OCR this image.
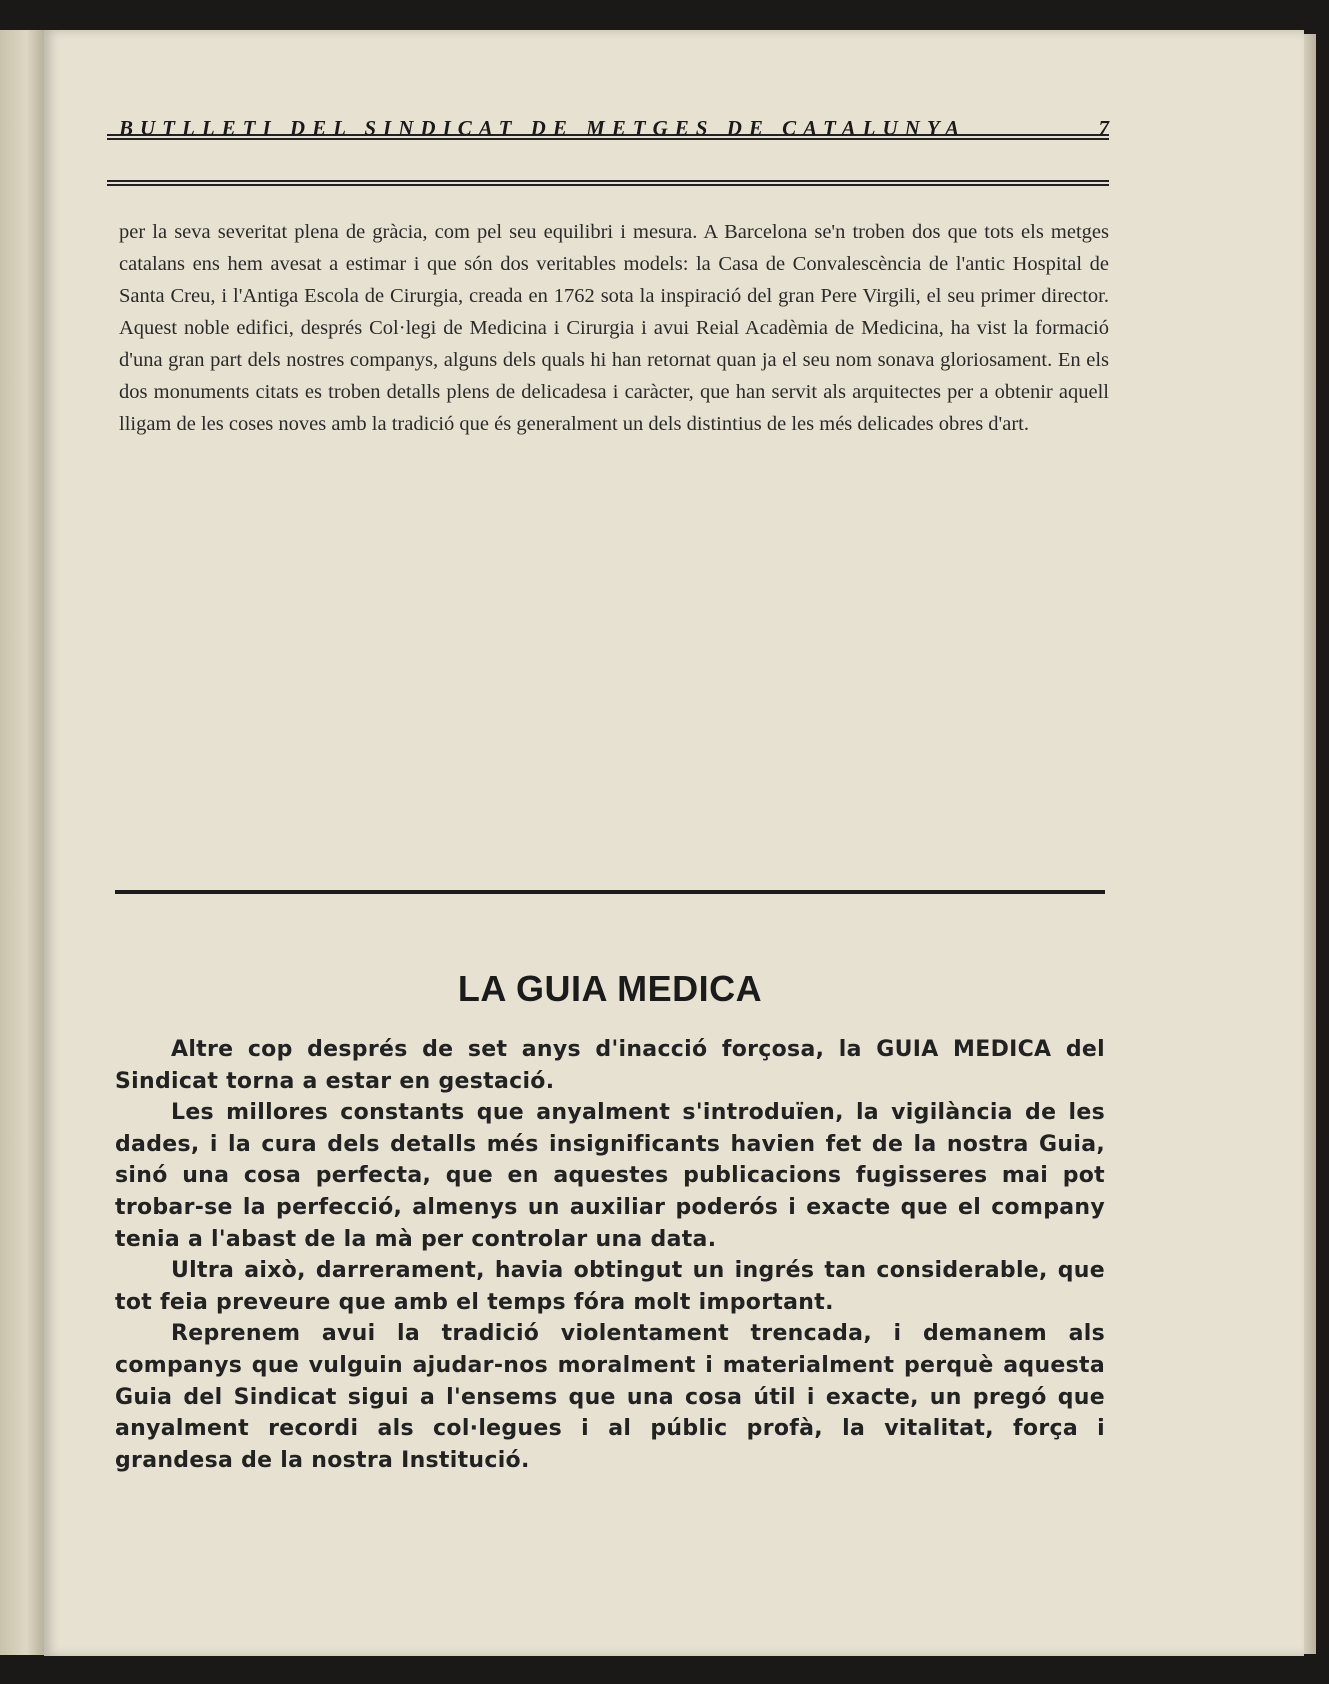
BUTLLETI DEL SINDICAT DE METGES DE CATALUNYA	7

per la seva severitat plena de gràcia, com pel seu equilibri i mesura. A Barcelona se'n troben dos que tots els metges catalans ens hem avesat a estimar i que són dos veritables models: la Casa de Convalescència de l'antic Hospital de Santa Creu, i l'Antiga Escola de Cirurgia, creada en 1762 sota la inspiració del gran Pere Virgili, el seu primer director. Aquest noble edifici, després Col·legi de Medicina i Cirurgia i avui Reial Acadèmia de Medicina, ha vist la formació d'una gran part dels nostres companys, alguns dels quals hi han retornat quan ja el seu nom sonava gloriosament. En els dos monuments citats es troben detalls plens de delicadesa i caràcter, que han servit als arquitectes per a obtenir aquell lligam de les coses noves amb la tradició que és generalment un dels distintius de les més delicades obres d'art.

LA GUIA MEDICA

Altre cop després de set anys d'inacció forçosa, la GUIA MEDICA del Sindicat torna a estar en gestació.

Les millores constants que anyalment s'introduïen, la vigilància de les dades, i la cura dels detalls més insignificants havien fet de la nostra Guia, sinó una cosa perfecta, que en aquestes publicacions fugisseres mai pot trobar-se la perfecció, almenys un auxiliar poderós i exacte que el company tenia a l'abast de la mà per controlar una data.

Ultra això, darrerament, havia obtingut un ingrés tan considerable, que tot feia preveure que amb el temps fóra molt important.

Reprenem avui la tradició violentament trencada, i demanem als companys que vulguin ajudar-nos moralment i materialment perquè aquesta Guia del Sindicat sigui a l'ensems que una cosa útil i exacte, un pregó que anyalment recordi als col·legues i al públic profà, la vitalitat, força i grandesa de la nostra Institució.
